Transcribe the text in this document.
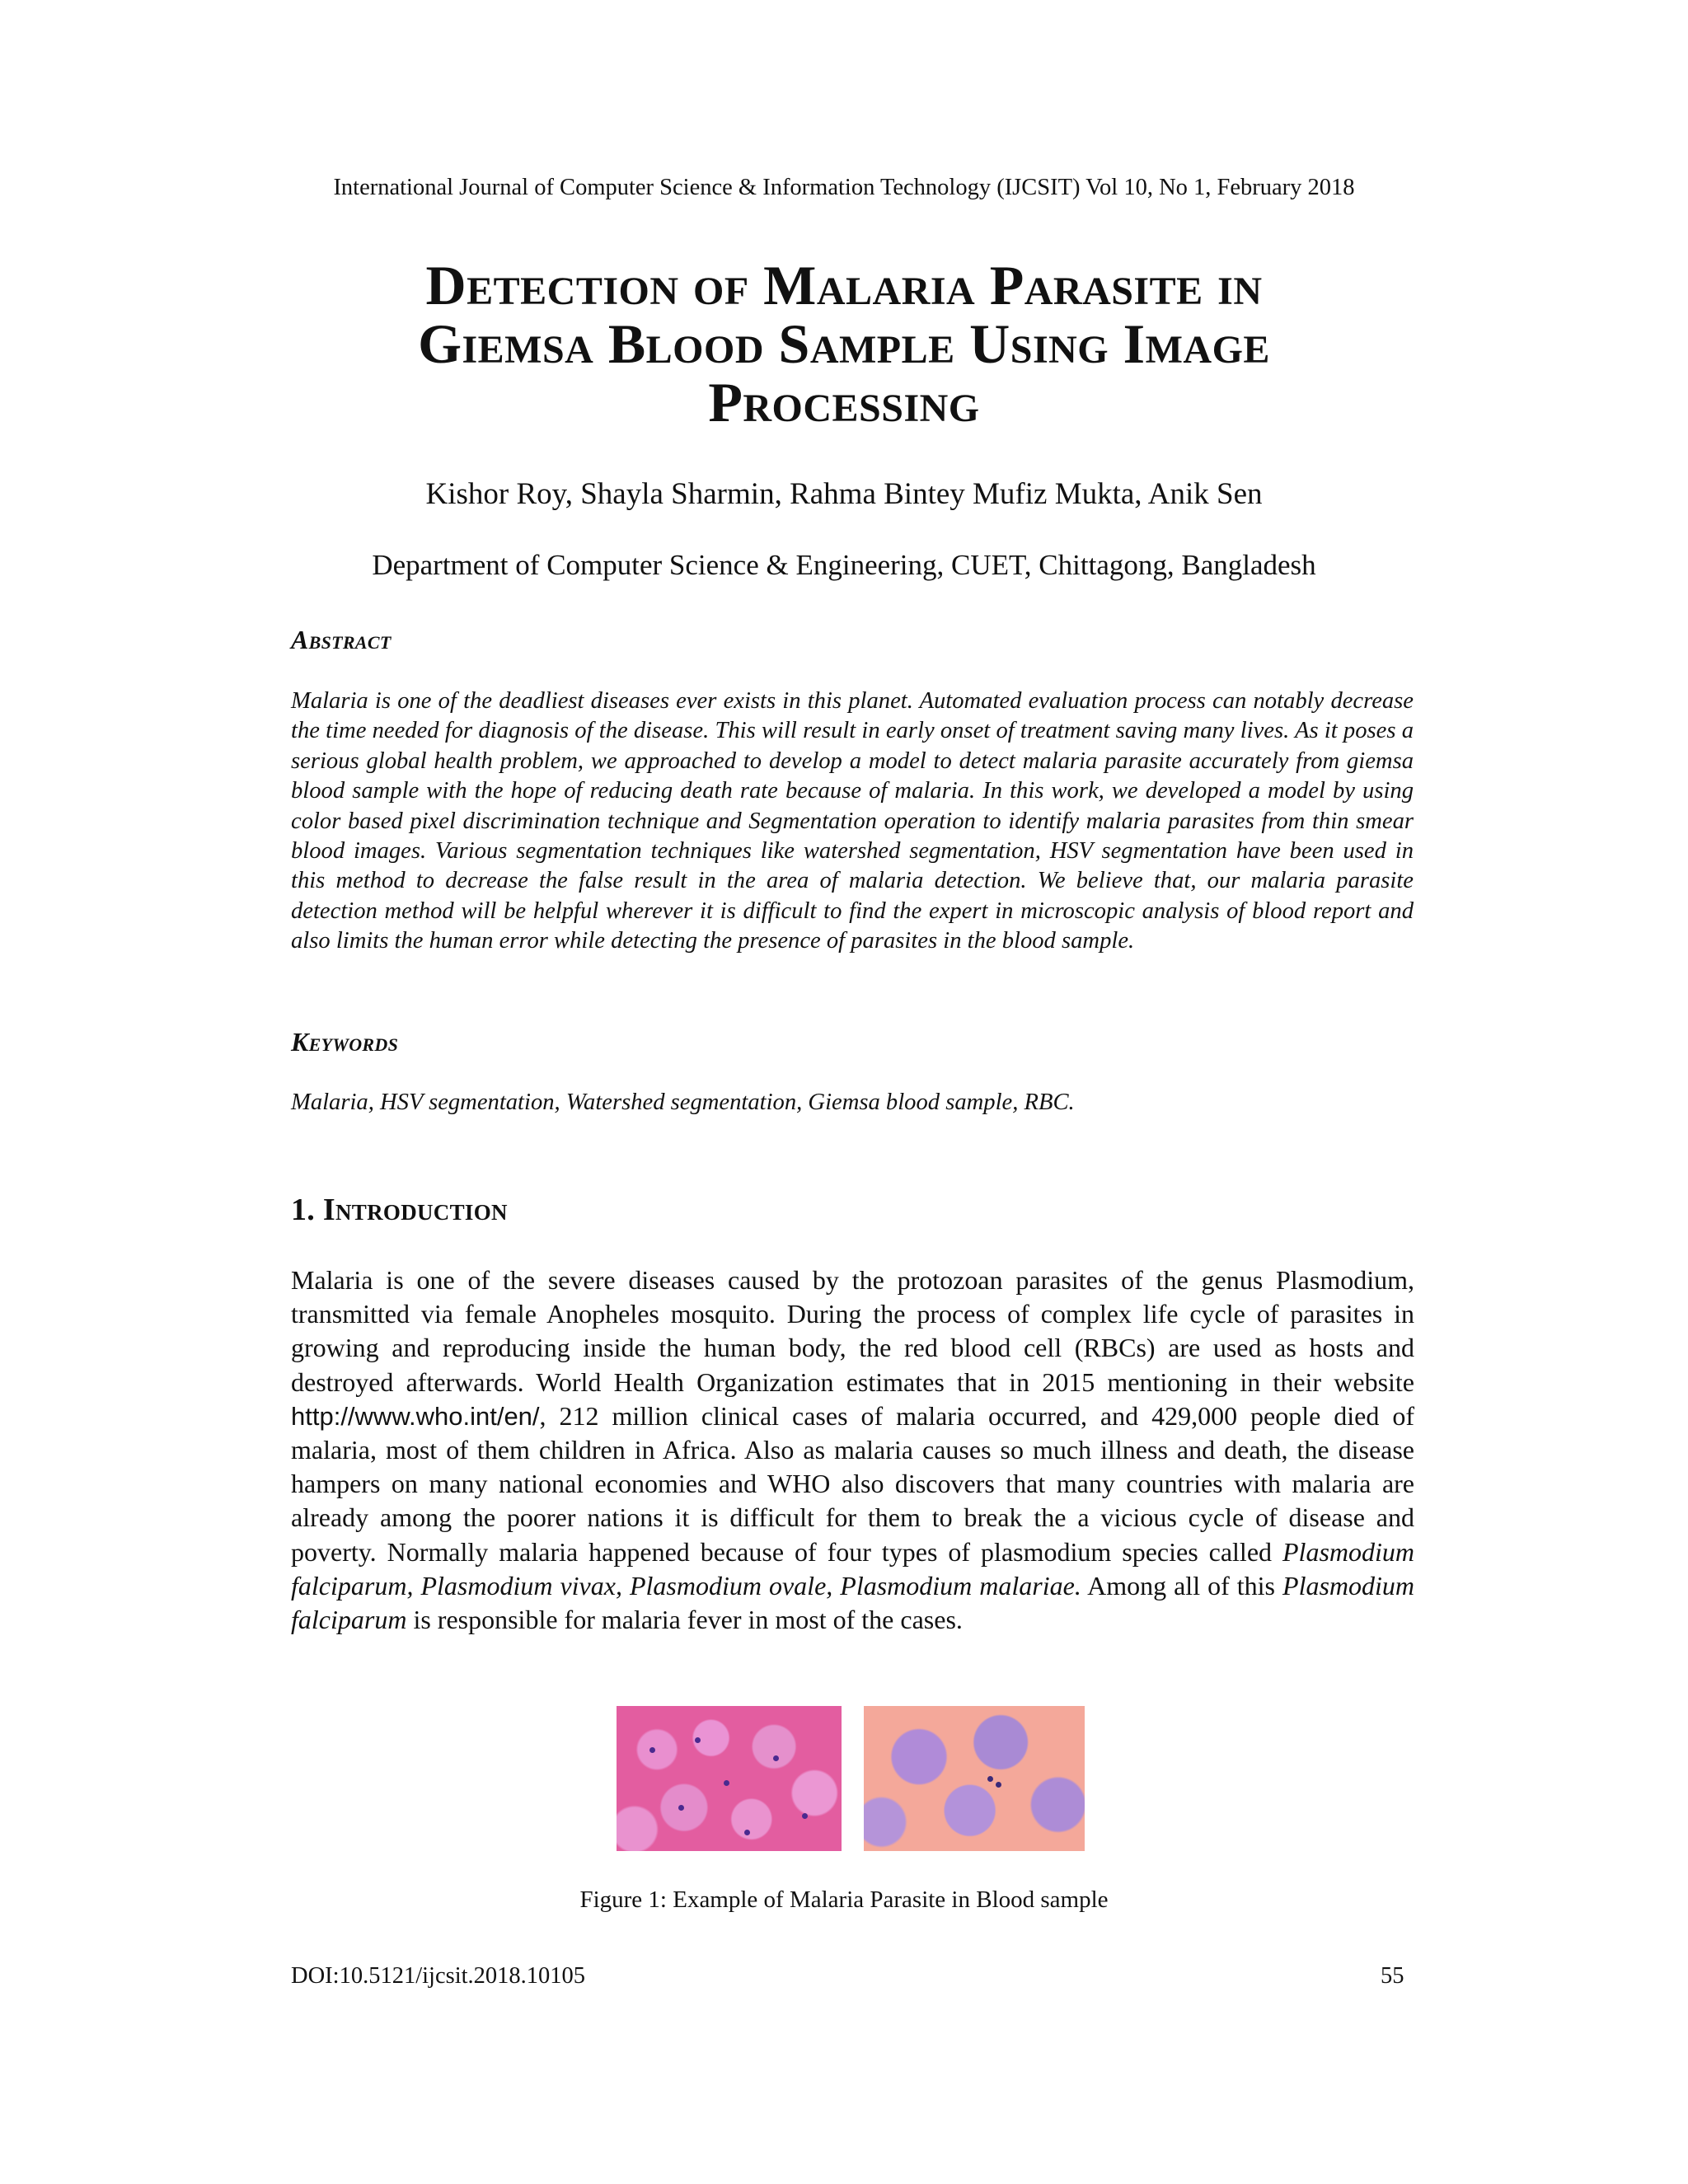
International Journal of Computer Science & Information Technology (IJCSIT) Vol 10, No 1, February 2018
Detection of Malaria Parasite in
Giemsa Blood Sample Using Image
Processing
Kishor Roy, Shayla Sharmin, Rahma Bintey Mufiz Mukta, Anik Sen
Department of Computer Science & Engineering, CUET, Chittagong, Bangladesh
Abstract
Malaria is one of the deadliest diseases ever exists in this planet. Automated evaluation process can notably decrease the time needed for diagnosis of the disease. This will result in early onset of treatment saving many lives. As it poses a serious global health problem, we approached to develop a model to detect malaria parasite accurately from giemsa blood sample with the hope of reducing death rate because of malaria. In this work, we developed a model by using color based pixel discrimination technique and Segmentation operation to identify malaria parasites from thin smear blood images. Various segmentation techniques like watershed segmentation, HSV segmentation have been used in this method to decrease the false result in the area of malaria detection. We believe that, our malaria parasite detection method will be helpful wherever it is difficult to find the expert in microscopic analysis of blood report and also limits the human error while detecting the presence of parasites in the blood sample.
Keywords
Malaria, HSV segmentation, Watershed segmentation, Giemsa blood sample, RBC.
1. Introduction
Malaria is one of the severe diseases caused by the protozoan parasites of the genus Plasmodium, transmitted via female Anopheles mosquito. During the process of complex life cycle of parasites in growing and reproducing inside the human body, the red blood cell (RBCs) are used as hosts and destroyed afterwards. World Health Organization estimates that in 2015 mentioning in their website http://www.who.int/en/, 212 million clinical cases of malaria occurred, and 429,000 people died of malaria, most of them children in Africa. Also as malaria causes so much illness and death, the disease hampers on many national economies and WHO also discovers that many countries with malaria are already among the poorer nations it is difficult for them to break the a vicious cycle of disease and poverty. Normally malaria happened because of four types of plasmodium species called Plasmodium falciparum, Plasmodium vivax, Plasmodium ovale, Plasmodium malariae. Among all of this Plasmodium falciparum is responsible for malaria fever in most of the cases.
Figure 1: Example of Malaria Parasite in Blood sample
DOI:10.5121/ijcsit.2018.10105	55
